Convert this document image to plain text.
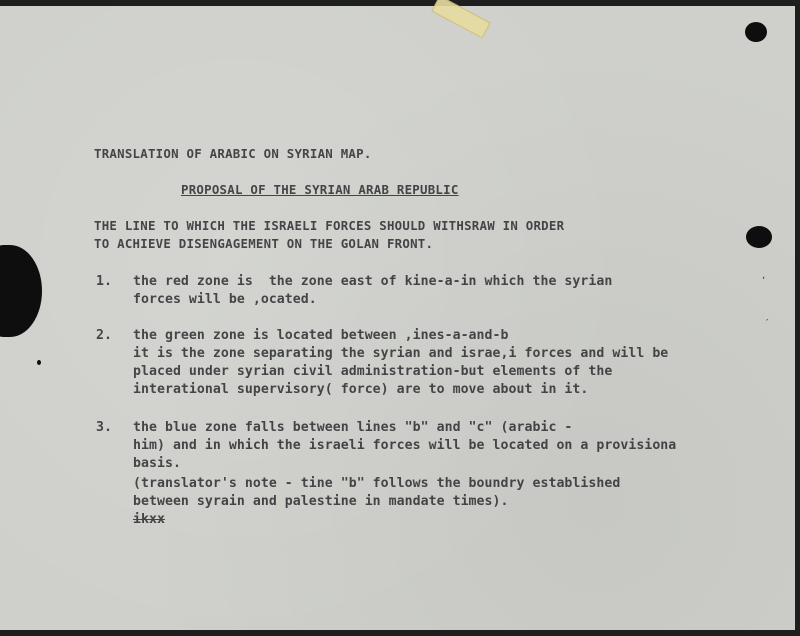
TRANSLATION OF ARABIC ON SYRIAN MAP.
PROPOSAL OF THE SYRIAN ARAB REPUBLIC
THE LINE TO WHICH THE ISRAELI FORCES SHOULD WITHSRAW IN ORDER
TO ACHIEVE DISENGAGEMENT ON THE GOLAN FRONT.
1. the red zone is  the zone east of kine-a-in which the syrian
forces will be ,ocated.
2. the green zone is located between ,ines-a-and-b
it is the zone separating the syrian and israe,i forces and will be
placed under syrian civil administration-but elements of the
interational supervisory( force) are to move about in it.
3. the blue zone falls between lines "b" and "c" (arabic -
him) and in which the israeli forces will be located on a provisiona
basis.
(translator's note - tine "b" follows the boundry established
between syrain and palestine in mandate times).
ikxx
ʼ
′
